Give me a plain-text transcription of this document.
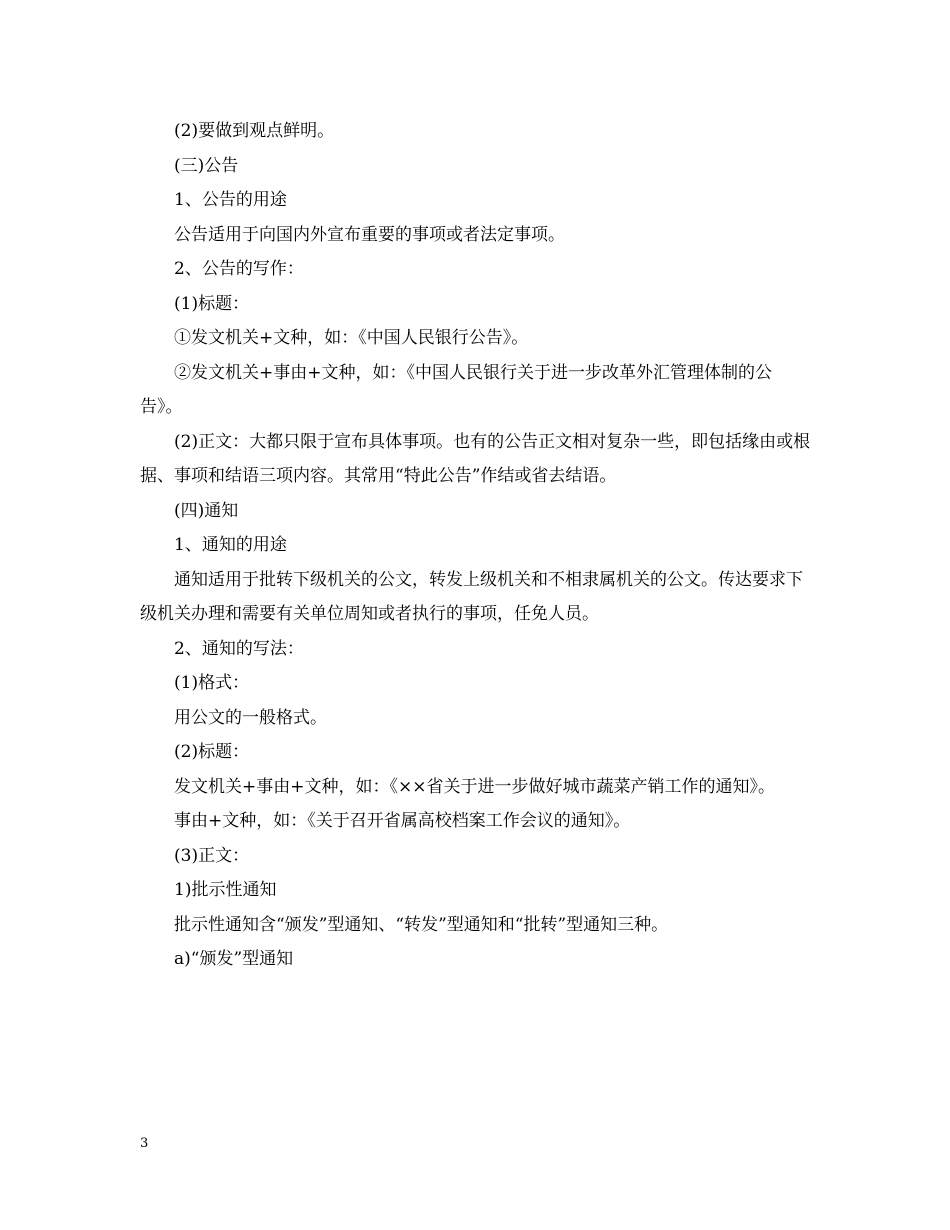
(2)要做到观点鲜明。

(三)公告

1、公告的用途

公告适用于向国内外宣布重要的事项或者法定事项。

2、公告的写作：

(1)标题：

①发文机关+文种，如：《中国人民银行公告》。

②发文机关+事由+文种，如：《中国人民银行关于进一步改革外汇管理体制的公告》。

(2)正文：大都只限于宣布具体事项。也有的公告正文相对复杂一些，即包括缘由或根据、事项和结语三项内容。其常用“特此公告”作结或省去结语。

(四)通知

1、通知的用途

通知适用于批转下级机关的公文，转发上级机关和不相隶属机关的公文。传达要求下级机关办理和需要有关单位周知或者执行的事项，任免人员。

2、通知的写法：

(1)格式：

用公文的一般格式。

(2)标题：

发文机关+事由+文种，如：《××省关于进一步做好城市蔬菜产销工作的通知》。

事由+文种，如：《关于召开省属高校档案工作会议的通知》。

(3)正文：

1)批示性通知

批示性通知含“颁发”型通知、“转发”型通知和“批转”型通知三种。

a)“颁发”型通知

3
